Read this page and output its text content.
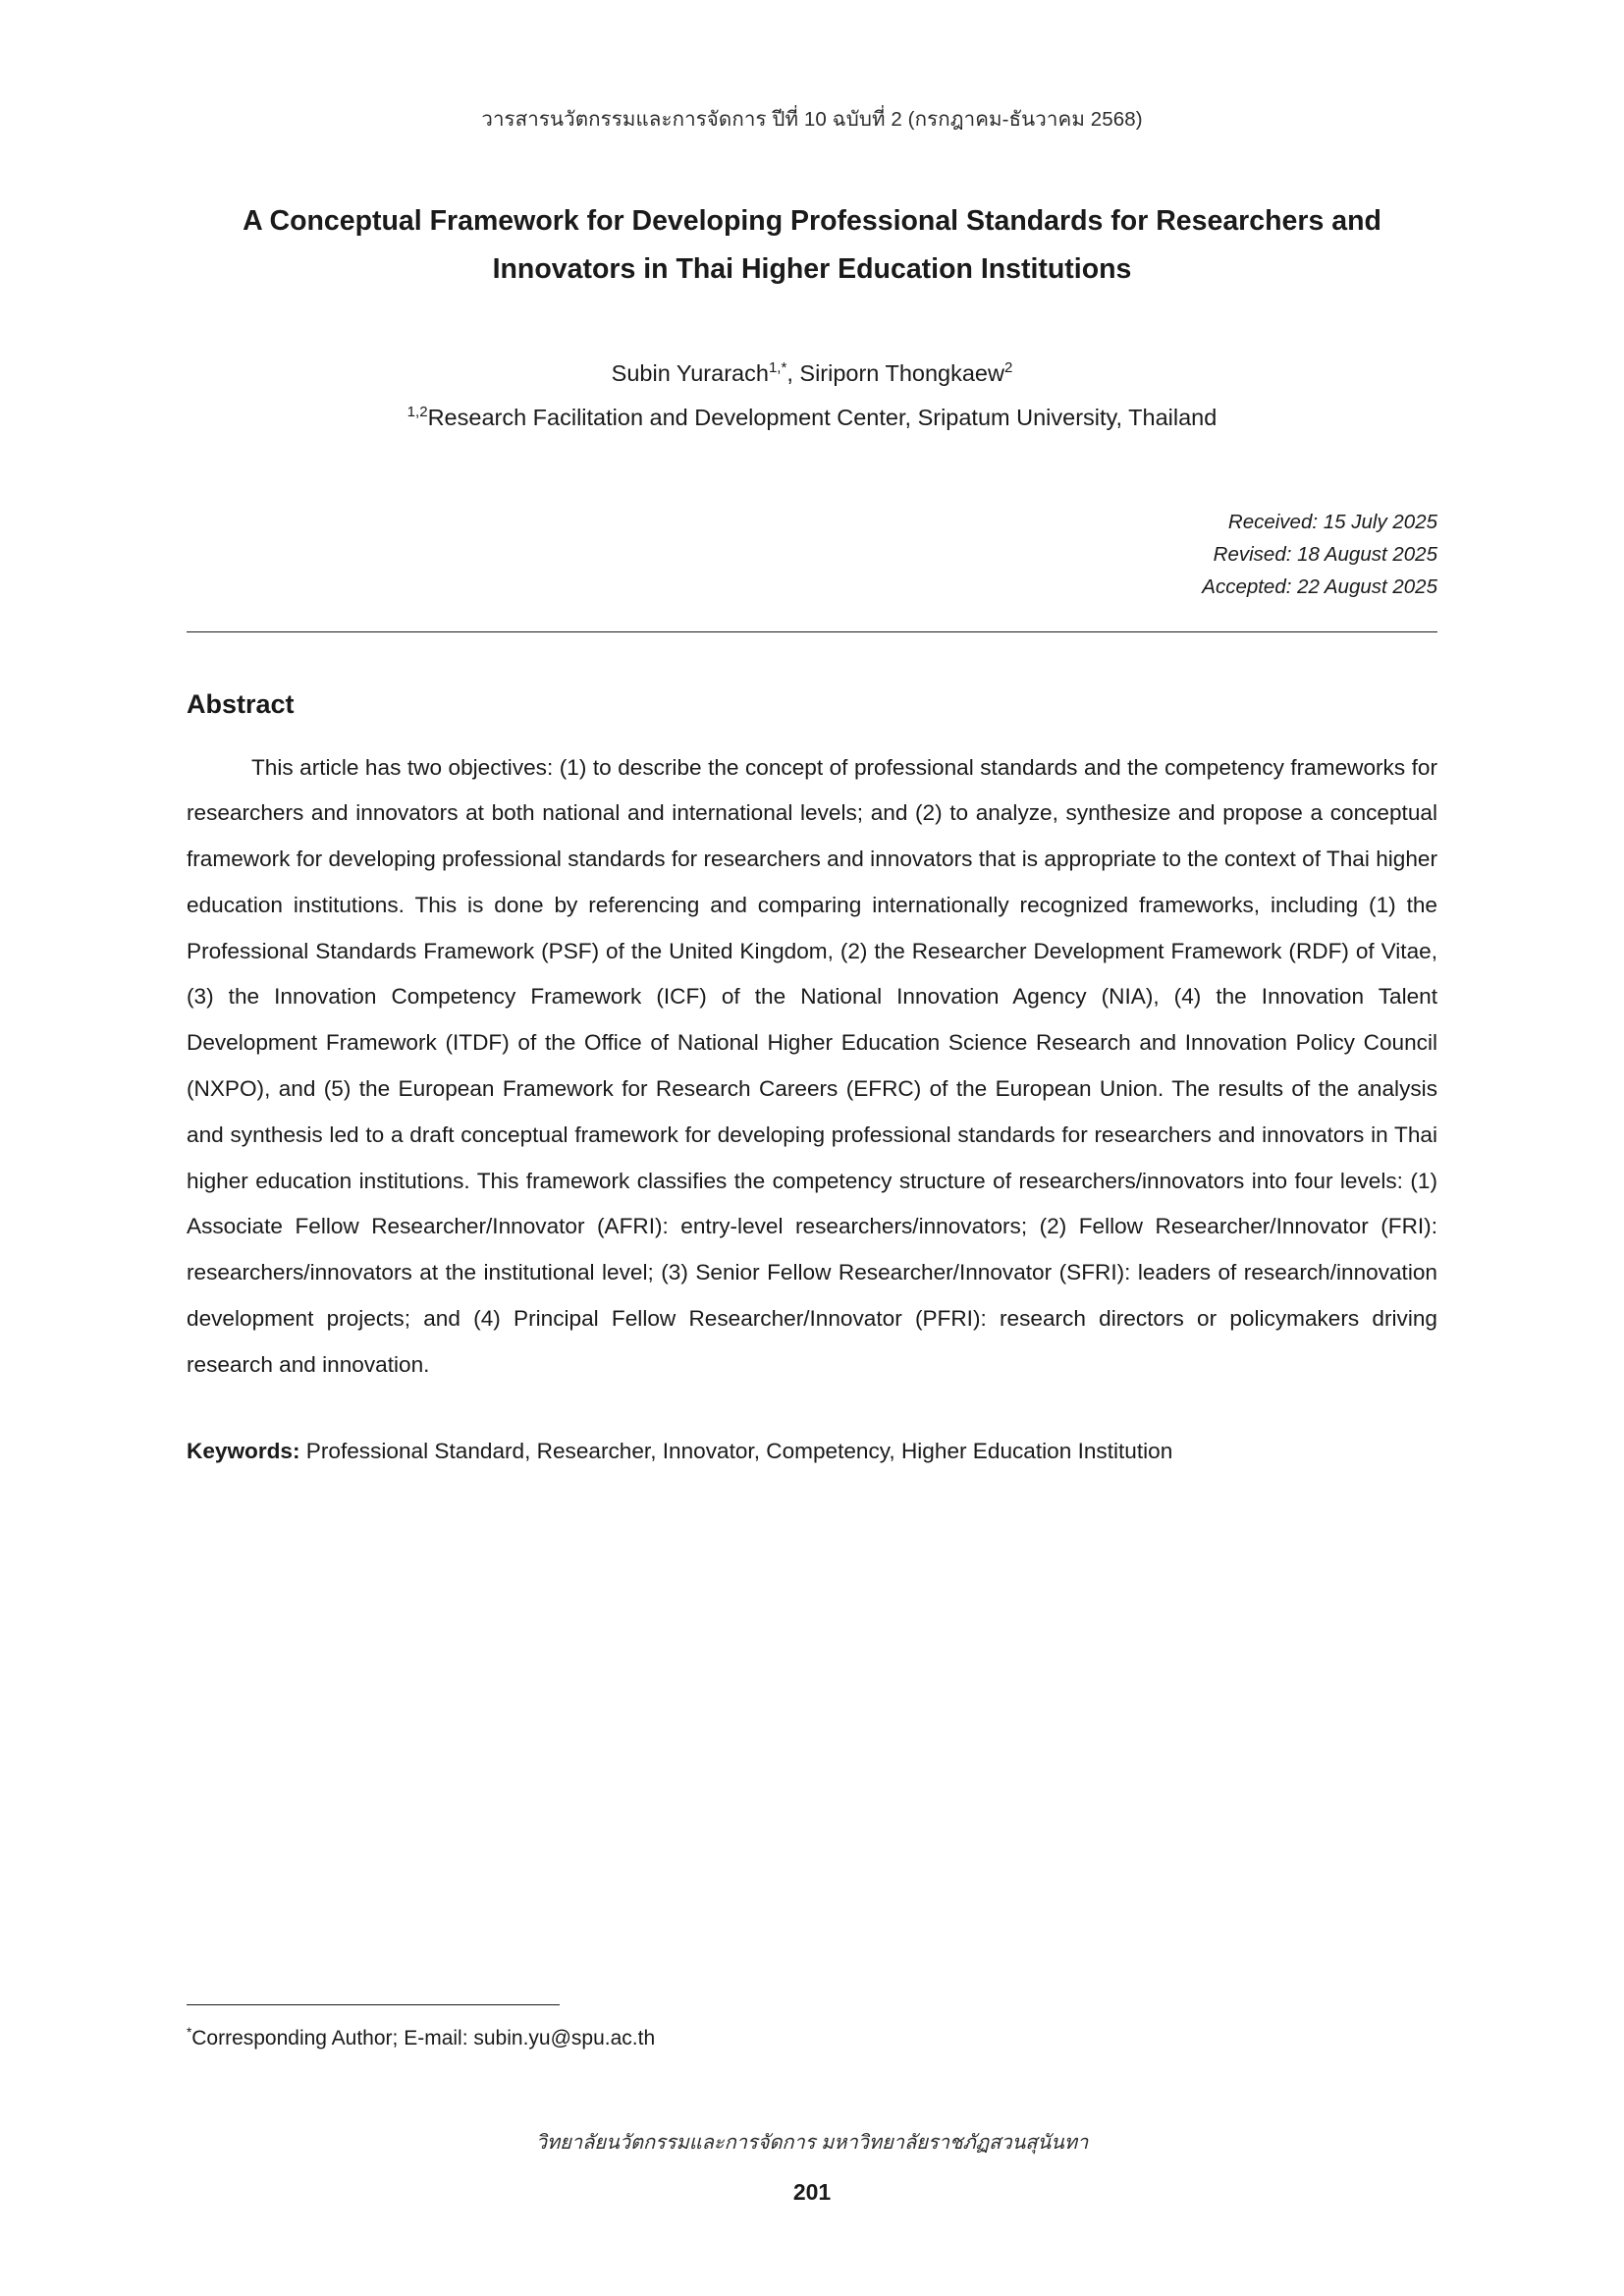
วารสารนวัตกรรมและการจัดการ ปีที่ 10 ฉบับที่ 2 (กรกฎาคม-ธันวาคม 2568)
A Conceptual Framework for Developing Professional Standards for Researchers and Innovators in Thai Higher Education Institutions
Subin Yurarach$^{1,*}$, Siriporn Thongkaew$^2$
$^{1,2}$Research Facilitation and Development Center, Sripatum University, Thailand
Received: 15 July 2025
Revised: 18 August 2025
Accepted: 22 August 2025
Abstract

This article has two objectives: (1) to describe the concept of professional standards and the competency frameworks for researchers and innovators at both national and international levels; and (2) to analyze, synthesize and propose a conceptual framework for developing professional standards for researchers and innovators that is appropriate to the context of Thai higher education institutions. This is done by referencing and comparing internationally recognized frameworks, including (1) the Professional Standards Framework (PSF) of the United Kingdom, (2) the Researcher Development Framework (RDF) of Vitae, (3) the Innovation Competency Framework (ICF) of the National Innovation Agency (NIA), (4) the Innovation Talent Development Framework (ITDF) of the Office of National Higher Education Science Research and Innovation Policy Council (NXPO), and (5) the European Framework for Research Careers (EFRC) of the European Union. The results of the analysis and synthesis led to a draft conceptual framework for developing professional standards for researchers and innovators in Thai higher education institutions. This framework classifies the competency structure of researchers/innovators into four levels: (1) Associate Fellow Researcher/Innovator (AFRI): entry-level researchers/innovators; (2) Fellow Researcher/Innovator (FRI): researchers/innovators at the institutional level; (3) Senior Fellow Researcher/Innovator (SFRI): leaders of research/innovation development projects; and (4) Principal Fellow Researcher/Innovator (PFRI): research directors or policymakers driving research and innovation.

Keywords: Professional Standard, Researcher, Innovator, Competency, Higher Education Institution

*Corresponding Author; E-mail: subin.yu@spu.ac.th
วิทยาลัยนวัตกรรมและการจัดการ มหาวิทยาลัยราชภัฏสวนสุนันทา
201
